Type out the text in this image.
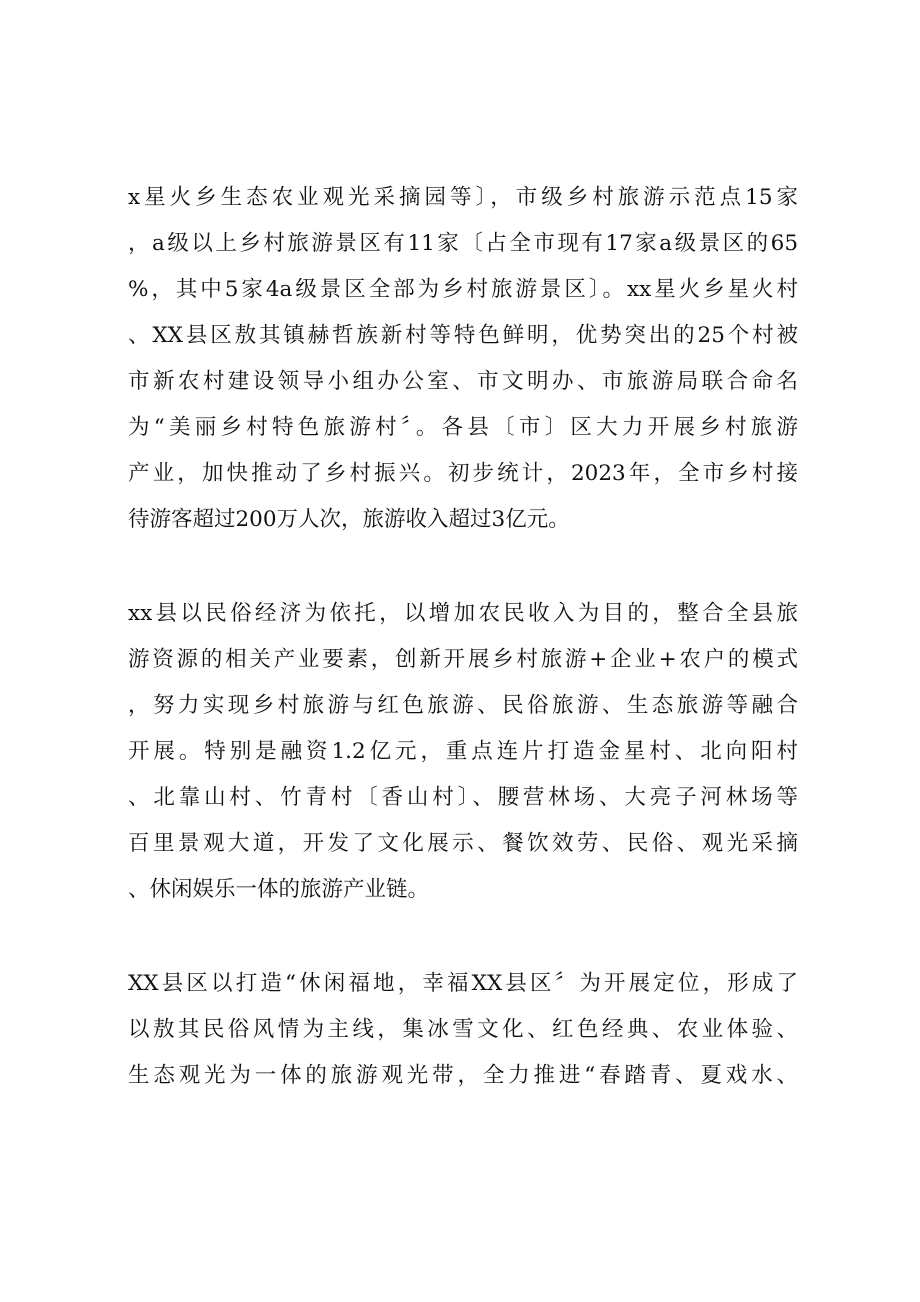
x星火乡生态农业观光采摘园等〕，市级乡村旅游示范点15家
，a级以上乡村旅游景区有11家〔占全市现有17家a级景区的65
%，其中5家4a级景区全部为乡村旅游景区〕。xx星火乡星火村
、XX县区敖其镇赫哲族新村等特色鲜明，优势突出的25个村被
市新农村建设领导小组办公室、市文明办、市旅游局联合命名
为“美丽乡村特色旅游村〞。各县〔市〕区大力开展乡村旅游
产业，加快推动了乡村振兴。初步统计，2023年，全市乡村接
待游客超过200万人次，旅游收入超过3亿元。
xx县以民俗经济为依托，以增加农民收入为目的，整合全县旅
游资源的相关产业要素，创新开展乡村旅游+企业+农户的模式
，努力实现乡村旅游与红色旅游、民俗旅游、生态旅游等融合
开展。特别是融资1.2亿元，重点连片打造金星村、北向阳村
、北靠山村、竹青村〔香山村〕、腰营林场、大亮子河林场等
百里景观大道，开发了文化展示、餐饮效劳、民俗、观光采摘
、休闲娱乐一体的旅游产业链。
XX县区以打造“休闲福地，幸福XX县区〞为开展定位，形成了
以敖其民俗风情为主线，集冰雪文化、红色经典、农业体验、
生态观光为一体的旅游观光带，全力推进“春踏青、夏戏水、
